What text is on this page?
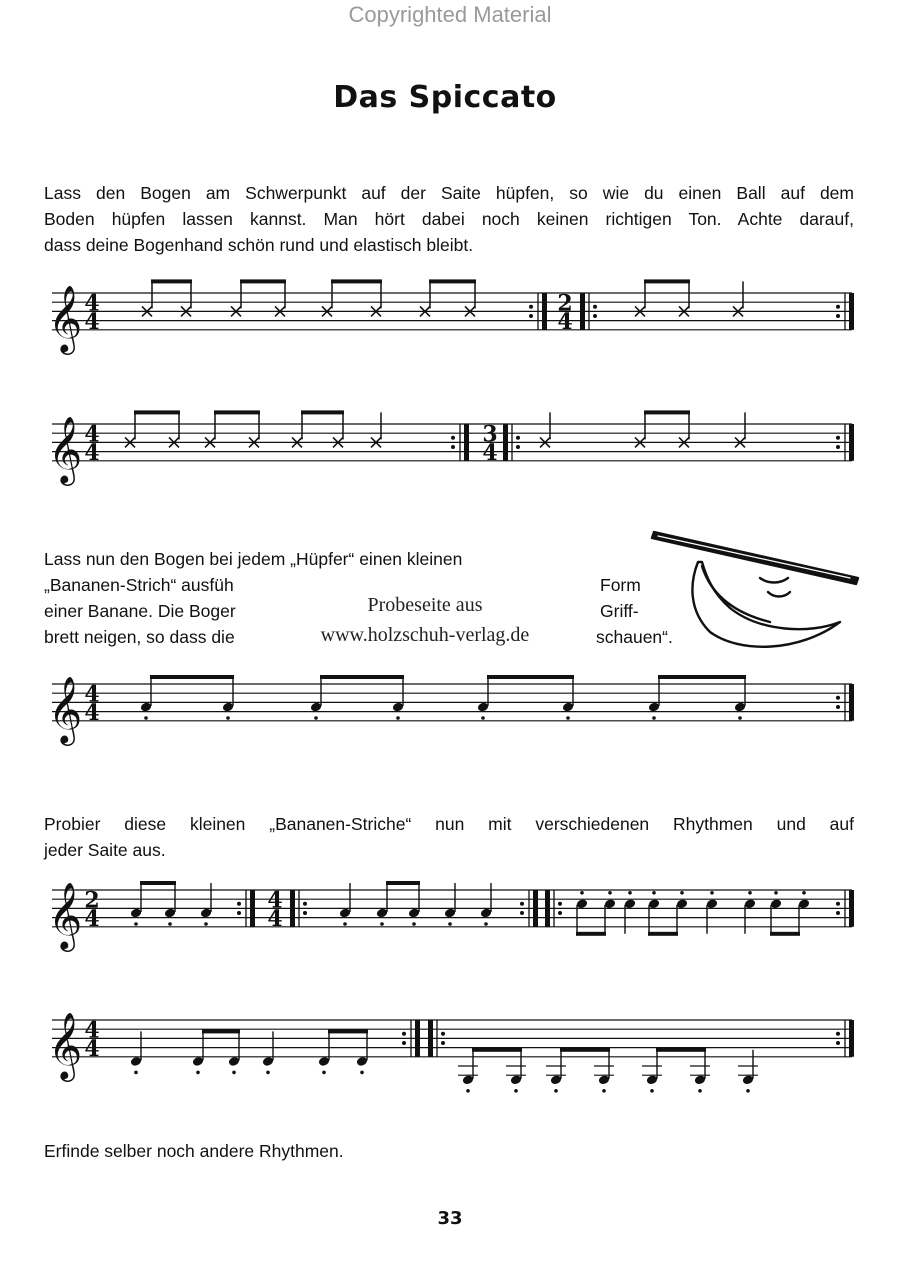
Copyrighted Material
Das Spiccato
Lass den Bogen am Schwerpunkt auf der Saite hüpfen, so wie du einen Ball auf dem
Boden hüpfen lassen kannst. Man hört dabei noch keinen richtigen Ton. Achte darauf,
dass deine Bogenhand schön rund und elastisch bleibt.
Lass nun den Bogen bei jedem „Hüpfer“ einen kleinen
„Bananen-Strich“ ausfüh
einer Banane. Die Boger
brett neigen, so dass die
Form Griff- schauen“.
Probeseite aus
www.holzschuh-verlag.de
Probier diese kleinen „Bananen-Striche“ nun mit verschiedenen Rhythmen und auf
jeder Saite aus.
Erfinde selber noch andere Rhythmen.
33
𝄞 4
4
2
4
𝄞 4
4
3
4
𝄞 4
4
𝄞 2
4
4
4
𝄞 4
4
